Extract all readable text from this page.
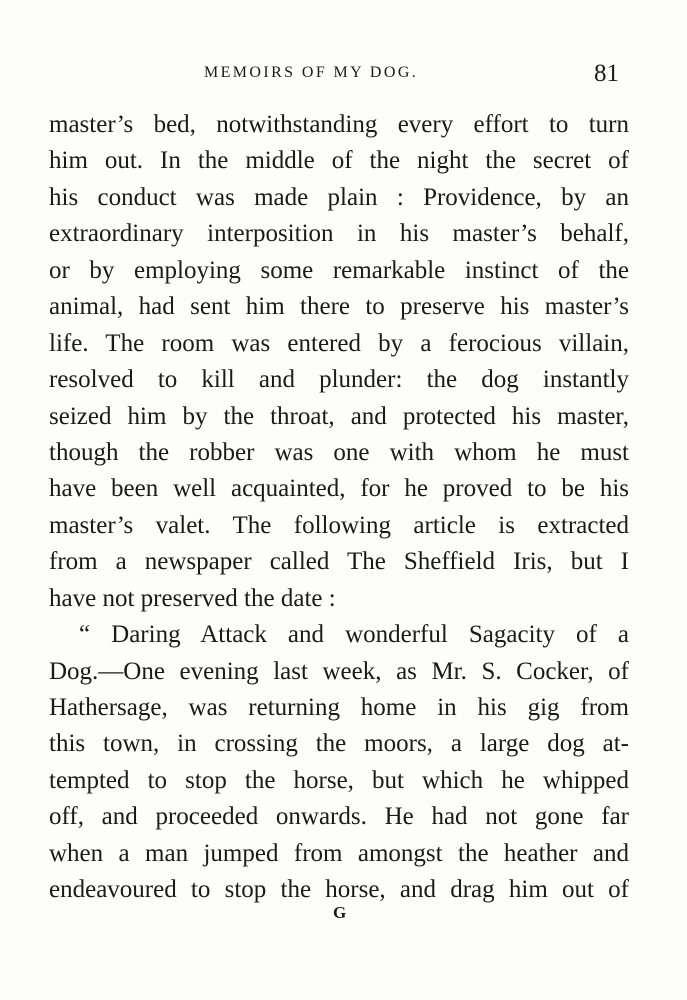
MEMOIRS OF MY DOG.	81
master’s bed, notwithstanding every effort to turn
him out. In the middle of the night the secret of
his conduct was made plain : Providence, by an
extraordinary interposition in his master’s behalf,
or by employing some remarkable instinct of the
animal, had sent him there to preserve his master’s
life. The room was entered by a ferocious villain,
resolved to kill and plunder: the dog instantly
seized him by the throat, and protected his master,
though the robber was one with whom he must
have been well acquainted, for he proved to be his
master’s valet. The following article is extracted
from a newspaper called The Sheffield Iris, but I
have not preserved the date :
“ Daring Attack and wonderful Sagacity of a
Dog.—One evening last week, as Mr. S. Cocker, of
Hathersage, was returning home in his gig from
this town, in crossing the moors, a large dog at-
tempted to stop the horse, but which he whipped
off, and proceeded onwards. He had not gone far
when a man jumped from amongst the heather and
endeavoured to stop the horse, and drag him out of
G
